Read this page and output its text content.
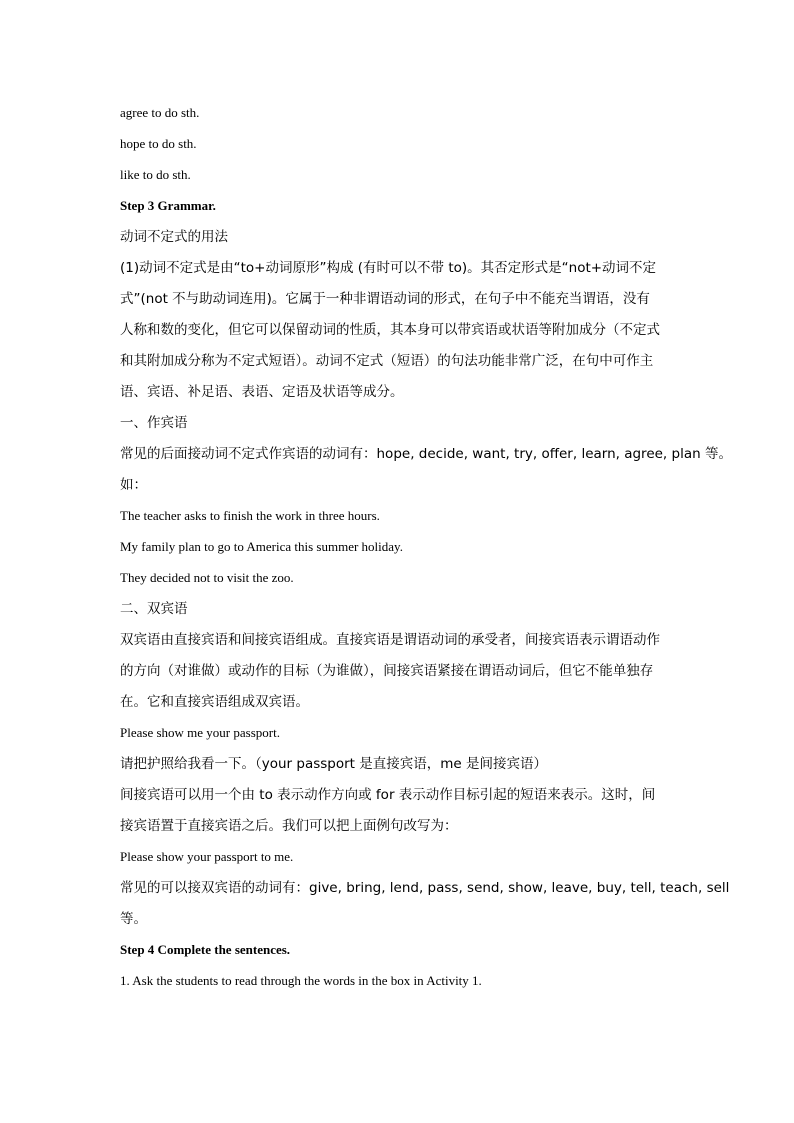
agree to do sth.
hope to do sth.
like to do sth.
Step 3 Grammar.
动词不定式的用法
(1)动词不定式是由“to+动词原形”构成 (有时可以不带 to)。其否定形式是“not+动词不定
式”(not 不与助动词连用)。它属于一种非谓语动词的形式，在句子中不能充当谓语，没有
人称和数的变化，但它可以保留动词的性质，其本身可以带宾语或状语等附加成分（不定式
和其附加成分称为不定式短语）。动词不定式（短语）的句法功能非常广泛，在句中可作主
语、宾语、补足语、表语、定语及状语等成分。
一、作宾语
常见的后面接动词不定式作宾语的动词有：hope, decide, want, try, offer, learn, agree, plan 等。
如：
The teacher asks to finish the work in three hours.
My family plan to go to America this summer holiday.
They decided not to visit the zoo.
二、双宾语
双宾语由直接宾语和间接宾语组成。直接宾语是谓语动词的承受者，间接宾语表示谓语动作
的方向（对谁做）或动作的目标（为谁做），间接宾语紧接在谓语动词后，但它不能单独存
在。它和直接宾语组成双宾语。
Please show me your passport.
请把护照给我看一下。（your passport 是直接宾语，me 是间接宾语）
间接宾语可以用一个由 to 表示动作方向或 for 表示动作目标引起的短语来表示。这时，间
接宾语置于直接宾语之后。我们可以把上面例句改写为：
Please show your passport to me.
常见的可以接双宾语的动词有：give, bring, lend, pass, send, show, leave, buy, tell, teach, sell
等。
Step 4 Complete the sentences.
1. Ask the students to read through the words in the box in Activity 1.
